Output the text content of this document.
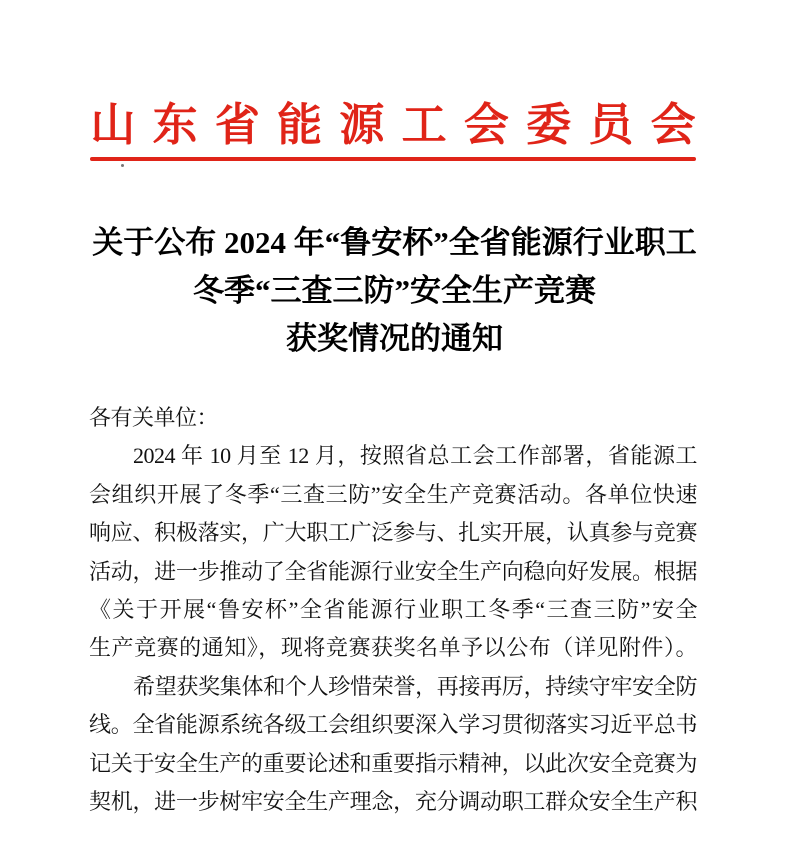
山 东 省 能 源 工 会 委 员 会
关于公布 2024 年“鲁安杯”全省能源行业职工
冬季“三查三防”安全生产竞赛
获奖情况的通知
各有关单位：
2024 年 10 月至 12 月，按照省总工会工作部署，省能源工
会组织开展了冬季“三查三防”安全生产竞赛活动。各单位快速
响应、积极落实，广大职工广泛参与、扎实开展，认真参与竞赛
活动，进一步推动了全省能源行业安全生产向稳向好发展。根据
《关于开展“鲁安杯”全省能源行业职工冬季“三查三防”安全
生产竞赛的通知》，现将竞赛获奖名单予以公布（详见附件）。
希望获奖集体和个人珍惜荣誉，再接再厉，持续守牢安全防
线。全省能源系统各级工会组织要深入学习贯彻落实习近平总书
记关于安全生产的重要论述和重要指示精神，以此次安全竞赛为
契机，进一步树牢安全生产理念，充分调动职工群众安全生产积
